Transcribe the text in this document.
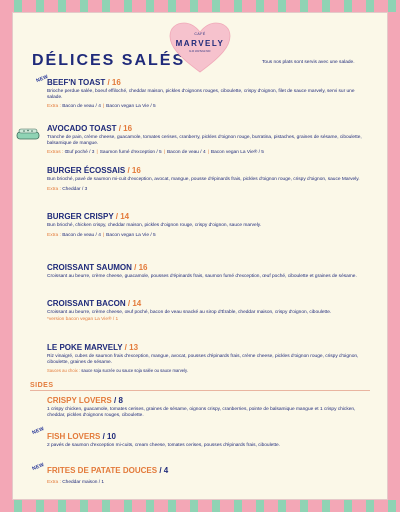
DÉLICES SALÉS
CAFÉ
MARVELY
GOURMAND
Tous nos plats sont servis avec une salade.
NEW
NEW
NEW
BEEF'N TOAST / 16
Brioche perdue salée, boeuf effiloché, cheddar maison, pickles d'oignons rouges, ciboulette, crispy d'oignon, filet de sauce marvely, servi sur une salade.
Extra : Bacon de veau / 4 | Bacon vegan La Vie / 5
AVOCADO TOAST / 16
Tranche de pain, crème cheese, guacamole, tomates cerises, cranberry, pickles d'oignon rouge, burratina, pistaches, graines de sésame, ciboulette, balsamique de mangue.
Extras : Œuf poché / 3 | Saumon fumé d'exception / 5 | Bacon de veau / 4 | Bacon vegan La Vie® / 5
BURGER ÉCOSSAIS / 16
Bun brioché, pavé de saumon mi-cuit d'exception, avocat, mangue, pousse d'épinards frais, pickles d'oignon rouge, crispy d'oignon, sauce Marvely.
Extra : Cheddar / 3
BURGER CRISPY / 14
Bun brioché, chicken crispy, cheddar maison, pickles d'oignon rouge, crispy d'oignon, sauce marvely.
Extra : Bacon de veau / 4 | Bacon vegan La Vie / 5
CROISSANT SAUMON / 16
Croissant au beurre, crème cheese, guacamole, pousses d'épinards frais, saumon fumé d'exception, œuf poché, ciboulette et graines de sésame.
CROISSANT BACON / 14
Croissant au beurre, crème cheese, œuf poché, bacon de veau snacké au sirop d'Érable, cheddar maison, crispy d'oignon, ciboulette.
*version bacon vegan La Vie® / 1
LE POKE MARVELY / 13
Riz vinaigré, cubes de saumon frais d'exception, mangue, avocat, pousses d'épinards frais, crème cheese, pickles d'oignon rouge, crispy d'oignon, ciboulette, graines de sésame.
Sauces au choix : sauce soja sucrée ou sauce soja salée ou sauce marvely.
SIDES
CRISPY LOVERS / 8
1 crispy chicken, guacamole, tomates cerises, graines de sésame, oignons crispy, cranberries, pointe de balsamique mangue et 1 crispy chicken, cheddar, pickles d'oignons rouges, ciboulette.
FISH LOVERS / 10
2 pavés de saumon d'exception mi-cuits, cream cheese, tomates cerises, pousses d'épinards frais, ciboulette.
FRITES DE PATATE DOUCES / 4
Extra : Cheddar maison / 1
